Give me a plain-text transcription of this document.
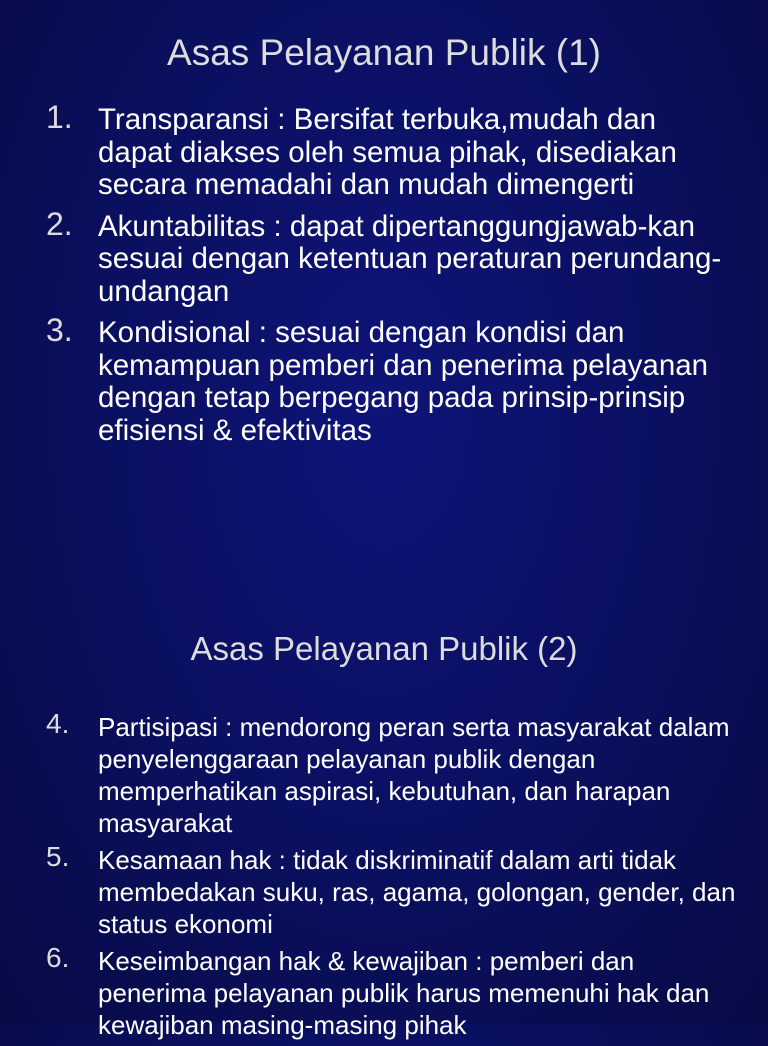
Asas Pelayanan Publik (1)
1. Transparansi : Bersifat terbuka,mudah dan dapat diakses oleh semua pihak, disediakan secara memadahi dan mudah dimengerti
2. Akuntabilitas : dapat dipertanggungjawab-kan sesuai dengan ketentuan peraturan perundang-undangan
3. Kondisional : sesuai dengan kondisi dan kemampuan pemberi dan penerima pelayanan dengan tetap berpegang pada prinsip-prinsip efisiensi & efektivitas
Asas Pelayanan Publik (2)
4. Partisipasi : mendorong peran serta masyarakat dalam penyelenggaraan pelayanan publik dengan memperhatikan aspirasi, kebutuhan, dan harapan masyarakat
5. Kesamaan hak : tidak diskriminatif dalam arti tidak membedakan suku, ras, agama, golongan, gender, dan status ekonomi
6. Keseimbangan hak & kewajiban : pemberi dan penerima pelayanan publik harus memenuhi hak dan kewajiban masing-masing pihak
